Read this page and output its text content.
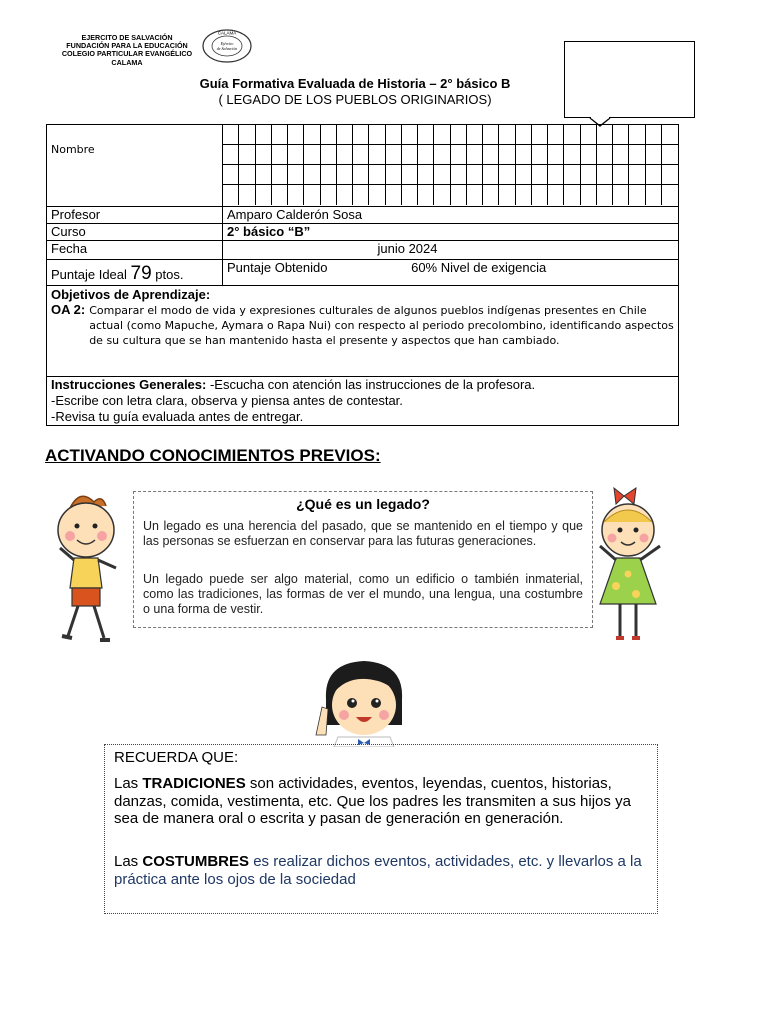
EJERCITO DE SALVACIÓN
FUNDACIÓN PARA LA EDUCACIÓN
COLEGIO PARTICULAR EVANGÉLICO
CALAMA
CALAMA
Ejército
de Salvación
Guía Formativa Evaluada de Historia – 2° básico B
( LEGADO DE LOS PUEBLOS ORIGINARIOS)
Nombre	

Profesor	Amparo Calderón Sosa
Curso	2° básico “B”
Fecha	junio 2024
Puntaje Ideal 79 ptos.	Puntaje Obtenido 60% Nivel de exigencia

Objetivos de Aprendizaje:
OA 2: Comparar el modo de vida y expresiones culturales de algunos pueblos indígenas presentes en Chile actual (como Mapuche, Aymara o Rapa Nui) con respecto al periodo precolombino, identificando aspectos de su cultura que se han mantenido hasta el presente y aspectos que han cambiado.	

Instrucciones Generales: -Escucha con atención las instrucciones de la profesora.
-Escribe con letra clara, observa y piensa antes de contestar.
-Revisa tu guía evaluada antes de entregar.	
ACTIVANDO CONOCIMIENTOS PREVIOS:
¿Qué es un legado?
Un legado es una herencia del pasado, que se mantenido en el tiempo y que las personas se esfuerzan en conservar para las futuras generaciones.
Un legado puede ser algo material, como un edificio o también inmaterial, como las tradiciones, las formas de ver el mundo, una lengua, una costumbre o una forma de vestir.
RECUERDA QUE:
Las TRADICIONES son actividades, eventos, leyendas, cuentos, historias, danzas, comida, vestimenta, etc. Que los padres les transmiten a sus hijos ya sea de manera oral o escrita y pasan de generación en generación.
Las COSTUMBRES es realizar dichos eventos, actividades, etc. y llevarlos a la práctica ante los ojos de la sociedad
